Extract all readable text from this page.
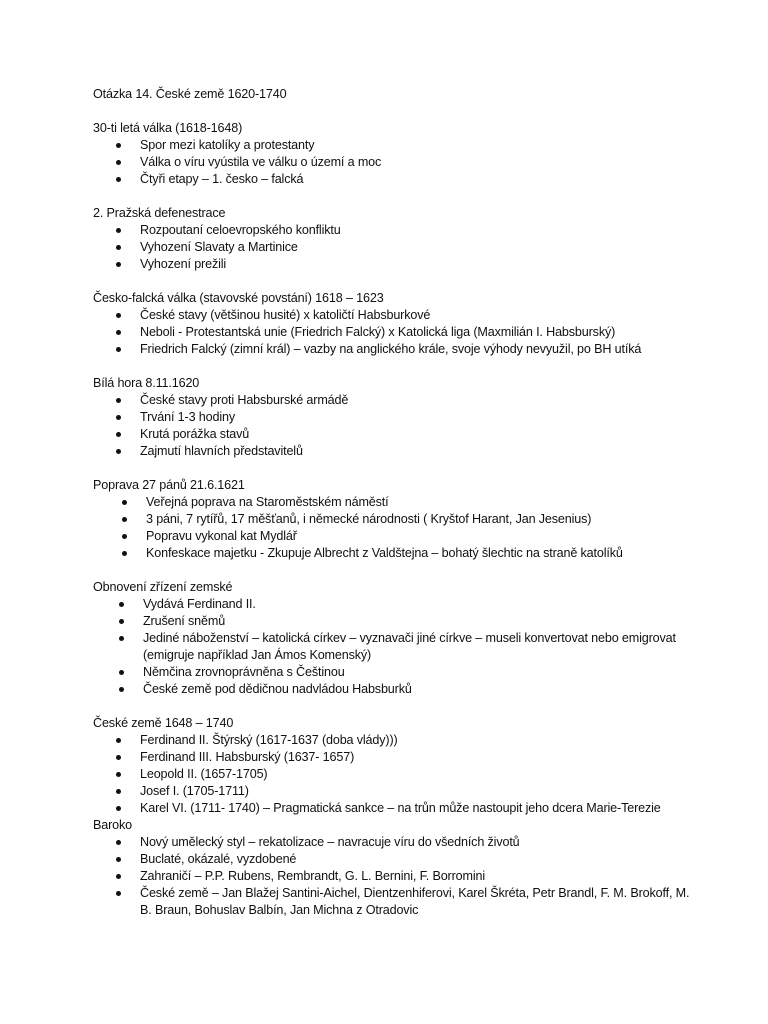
Otázka 14. České země 1620-1740

30-ti letá válka (1618-1648)

Spor mezi katolíky a protestanty
Válka o víru vyústila ve válku o území a moc
Čtyři etapy – 1. česko – falcká

2. Pražská defenestrace

Rozpoutaní celoevropského konfliktu
Vyhození Slavaty a Martinice
Vyhození prežili

Česko-falcká válka (stavovské povstání) 1618 – 1623

České stavy (většinou husité) x katoličtí Habsburkové
Neboli - Protestantská unie (Friedrich Falcký) x Katolická liga (Maxmilián I. Habsburský)
Friedrich Falcký (zimní král) – vazby na anglického krále, svoje výhody nevyužil, po BH utíká

Bílá hora 8.11.1620

České stavy proti Habsburské armádě
Trvání 1-3 hodiny
Krutá porážka stavů
Zajmutí hlavních představitelů

Poprava 27 pánů 21.6.1621

Veřejná poprava na Staroměstském náměstí
3 páni, 7 rytířů, 17 měšťanů, i německé národnosti ( Kryštof Harant, Jan Jesenius)
Popravu vykonal kat Mydlář
Konfeskace majetku - Zkupuje Albrecht z Valdštejna – bohatý šlechtic na straně katolíků

Obnovení zřízení zemské

Vydává Ferdinand II.
Zrušení sněmů
Jediné náboženství – katolická církev – vyznavači jiné církve – museli konvertovat nebo emigrovat (emigruje například Jan Ámos Komenský)
Němčina zrovnoprávněna s Češtinou
České země pod dědičnou nadvládou Habsburků

České země 1648 – 1740

Ferdinand II. Štýrský (1617-1637 (doba vlády)))
Ferdinand III. Habsburský (1637- 1657)
Leopold II. (1657-1705)
Josef I. (1705-1711)
Karel VI. (1711- 1740) – Pragmatická sankce – na trůn může nastoupit jeho dcera Marie-Terezie

Baroko

Nový umělecký styl – rekatolizace – navracuje víru do všedních životů
Buclaté, okázalé, vyzdobené
Zahraničí – P.P. Rubens, Rembrandt, G. L. Bernini, F. Borromini
České země – Jan Blažej Santini-Aichel, Dientzenhiferovi, Karel Škréta, Petr Brandl, F. M. Brokoff, M. B. Braun, Bohuslav Balbín, Jan Michna z Otradovic
